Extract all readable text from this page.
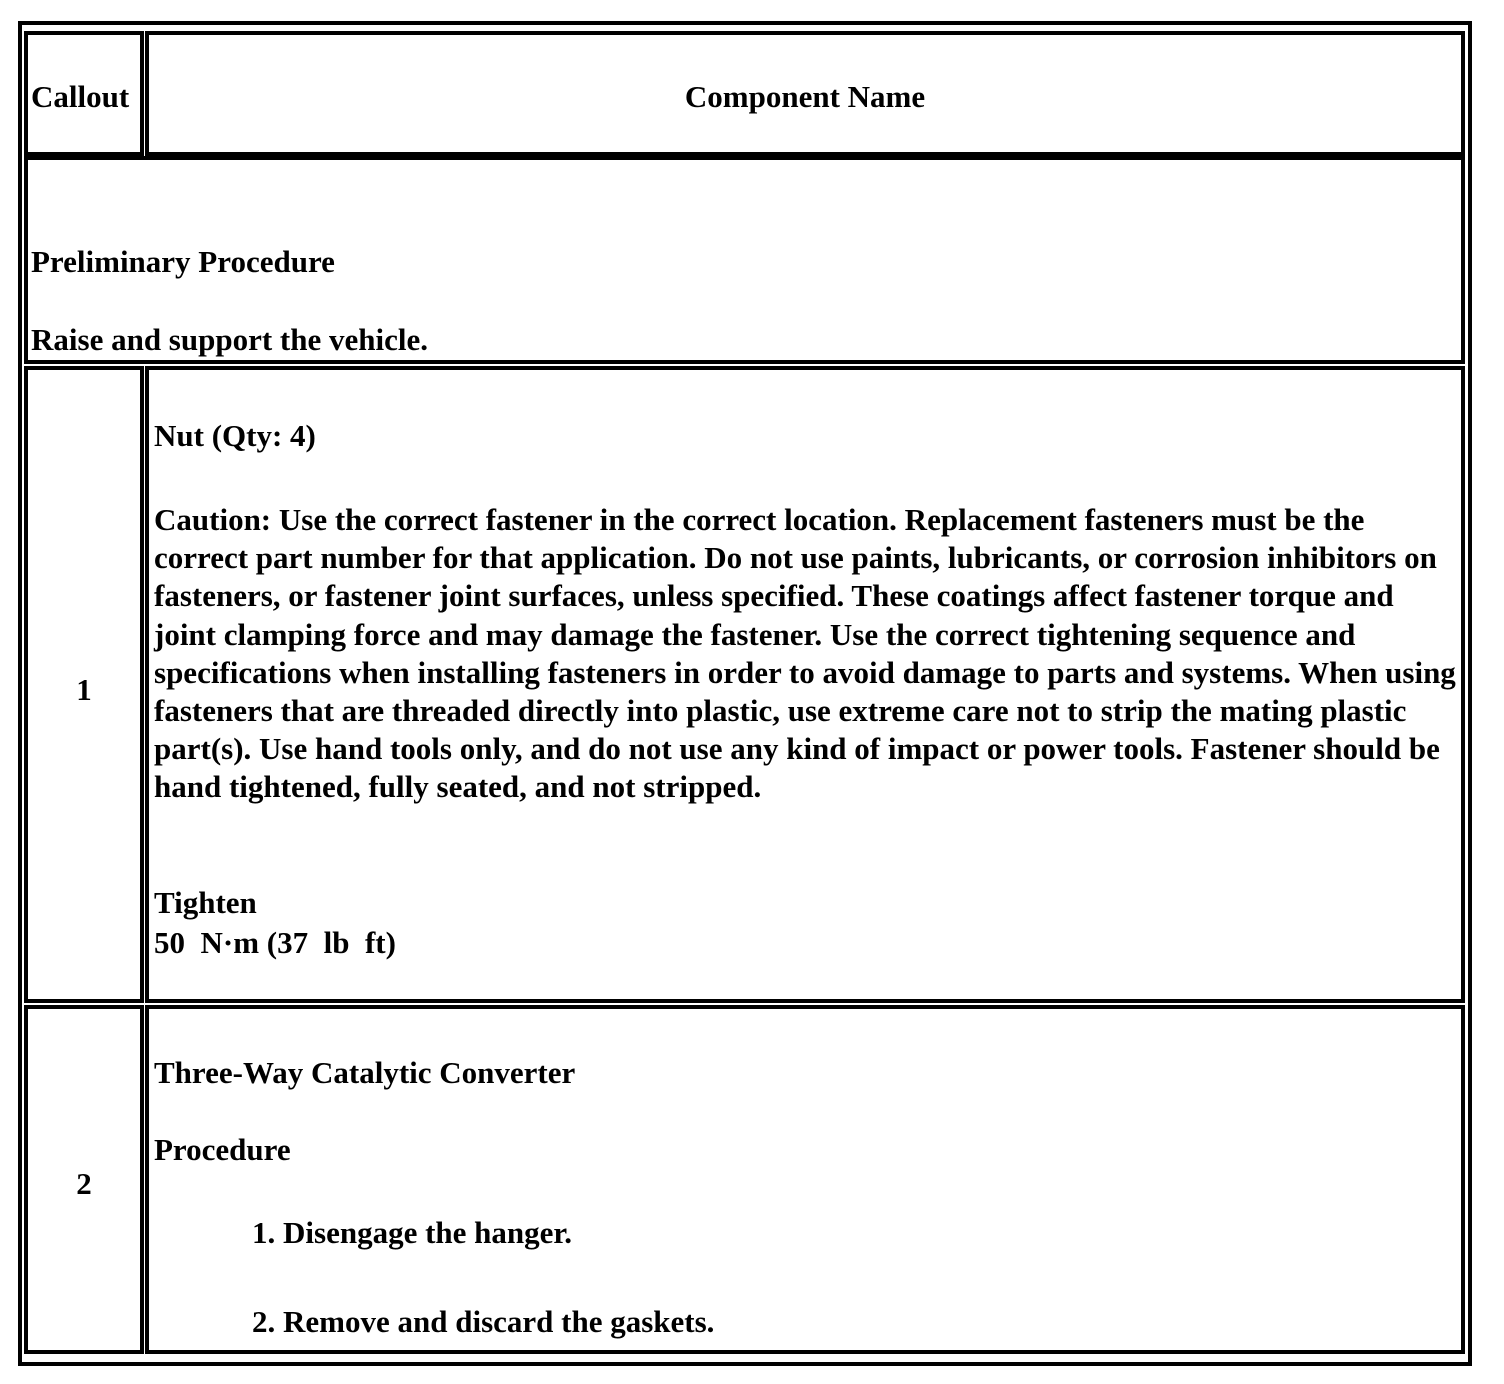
Callout	Component Name
Preliminary Procedure
Raise and support the vehicle.
1
Nut (Qty: 4)
Caution: Use the correct fastener in the correct location. Replacement fasteners must be the correct part number for that application. Do not use paints, lubricants, or corrosion inhibitors on fasteners, or fastener joint surfaces, unless specified. These coatings affect fastener torque and joint clamping force and may damage the fastener. Use the correct tightening sequence and specifications when installing fasteners in order to avoid damage to parts and systems. When using fasteners that are threaded directly into plastic, use extreme care not to strip the mating plastic part(s). Use hand tools only, and do not use any kind of impact or power tools. Fastener should be hand tightened, fully seated, and not stripped.
Tighten
50  N·m (37  lb  ft)
2
Three-Way Catalytic Converter
Procedure
1. Disengage the hanger.
2. Remove and discard the gaskets.
